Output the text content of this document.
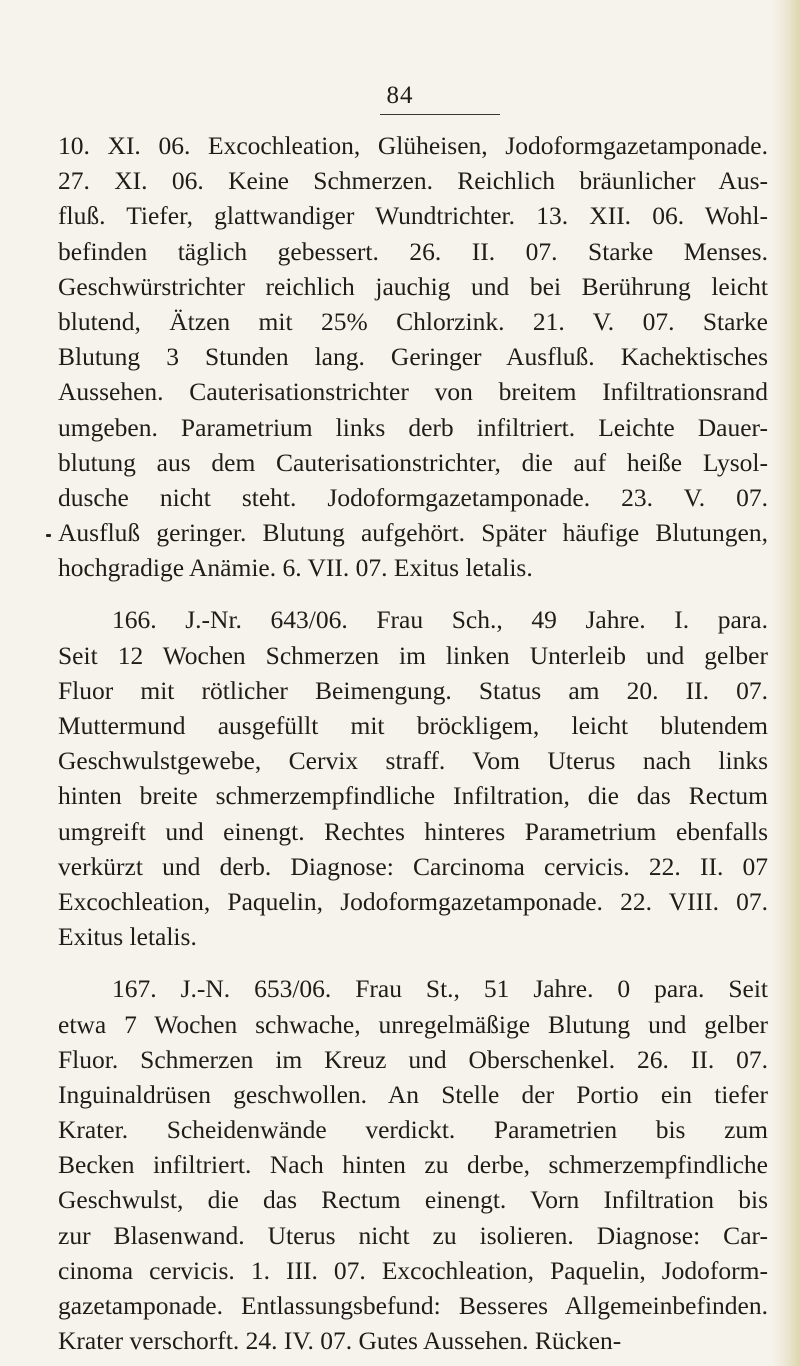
84
10. XI. 06. Excochleation, Glüheisen, Jodoformgazetamponade.
27. XI. 06. Keine Schmerzen. Reichlich bräunlicher Aus-
fluß. Tiefer, glattwandiger Wundtrichter. 13. XII. 06. Wohl-
befinden täglich gebessert. 26. II. 07. Starke Menses.
Geschwürstrichter reichlich jauchig und bei Berührung leicht
blutend, Ätzen mit 25% Chlorzink. 21. V. 07. Starke
Blutung 3 Stunden lang. Geringer Ausfluß. Kachektisches
Aussehen. Cauterisationstrichter von breitem Infiltrationsrand
umgeben. Parametrium links derb infiltriert. Leichte Dauer-
blutung aus dem Cauterisationstrichter, die auf heiße Lysol-
dusche nicht steht. Jodoformgazetamponade. 23. V. 07.
Ausfluß geringer. Blutung aufgehört. Später häufige Blutungen,
hochgradige Anämie. 6. VII. 07. Exitus letalis.
166. J.-Nr. 643/06. Frau Sch., 49 Jahre. I. para.
Seit 12 Wochen Schmerzen im linken Unterleib und gelber
Fluor mit rötlicher Beimengung. Status am 20. II. 07.
Muttermund ausgefüllt mit bröckligem, leicht blutendem
Geschwulstgewebe, Cervix straff. Vom Uterus nach links
hinten breite schmerzempfindliche Infiltration, die das Rectum
umgreift und einengt. Rechtes hinteres Parametrium ebenfalls
verkürzt und derb. Diagnose: Carcinoma cervicis. 22. II. 07
Excochleation, Paquelin, Jodoformgazetamponade. 22. VIII. 07.
Exitus letalis.
167. J.-N. 653/06. Frau St., 51 Jahre. 0 para. Seit
etwa 7 Wochen schwache, unregelmäßige Blutung und gelber
Fluor. Schmerzen im Kreuz und Oberschenkel. 26. II. 07.
Inguinaldrüsen geschwollen. An Stelle der Portio ein tiefer
Krater. Scheidenwände verdickt. Parametrien bis zum
Becken infiltriert. Nach hinten zu derbe, schmerzempfindliche
Geschwulst, die das Rectum einengt. Vorn Infiltration bis
zur Blasenwand. Uterus nicht zu isolieren. Diagnose: Car-
cinoma cervicis. 1. III. 07. Excochleation, Paquelin, Jodoform-
gazetamponade. Entlassungsbefund: Besseres Allgemeinbefinden.
Krater verschorft. 24. IV. 07. Gutes Aussehen. Rücken-
